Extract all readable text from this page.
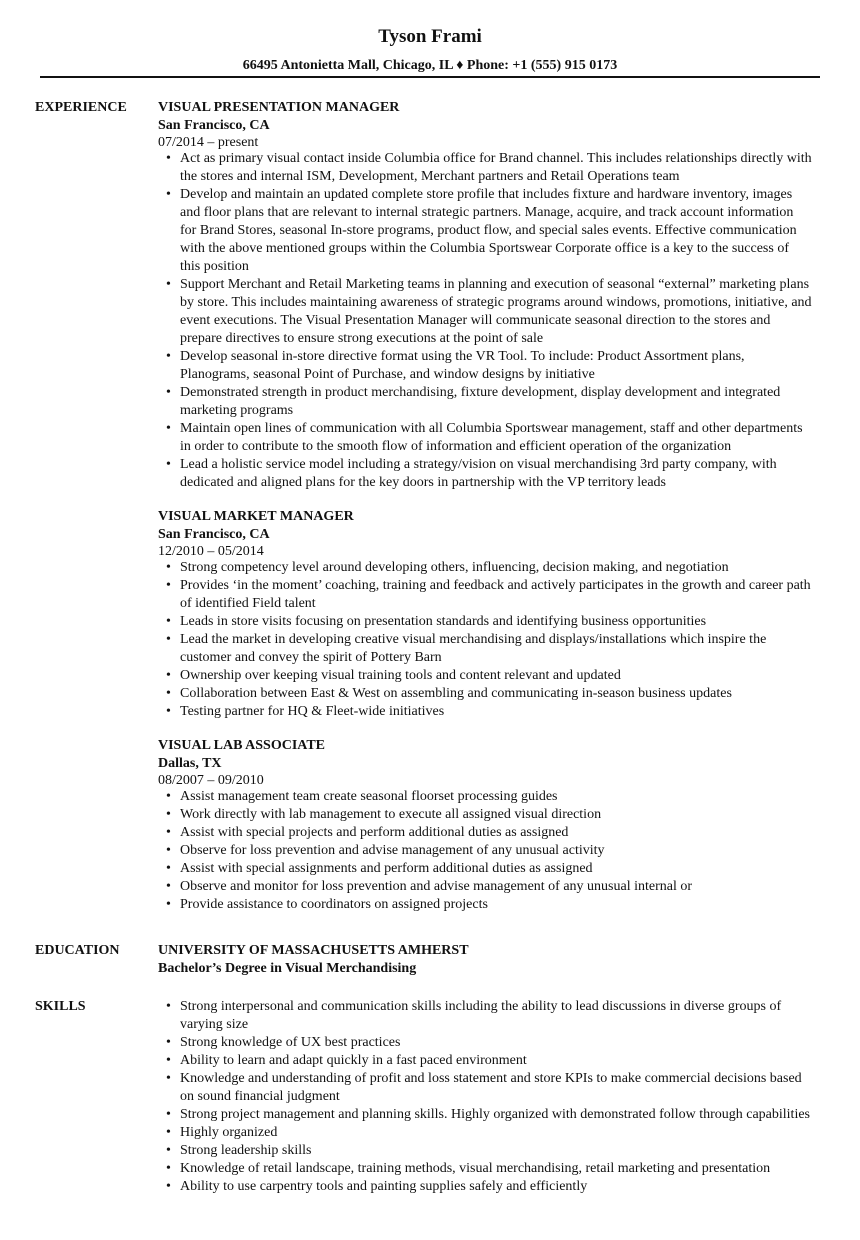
Tyson Frami
66495 Antonietta Mall, Chicago, IL ♦ Phone: +1 (555) 915 0173
EXPERIENCE VISUAL PRESENTATION MANAGER
San Francisco, CA
07/2014 – present
• Act as primary visual contact inside Columbia office for Brand channel. This includes relationships directly with the stores and internal ISM, Development, Merchant partners and Retail Operations team
• Develop and maintain an updated complete store profile that includes fixture and hardware inventory, images and floor plans that are relevant to internal strategic partners. Manage, acquire, and track account information for Brand Stores, seasonal In-store programs, product flow, and special sales events. Effective communication with the above mentioned groups within the Columbia Sportswear Corporate office is a key to the success of this position
• Support Merchant and Retail Marketing teams in planning and execution of seasonal “external” marketing plans by store. This includes maintaining awareness of strategic programs around windows, promotions, initiative, and event executions. The Visual Presentation Manager will communicate seasonal direction to the stores and prepare directives to ensure strong executions at the point of sale
• Develop seasonal in-store directive format using the VR Tool. To include: Product Assortment plans, Planograms, seasonal Point of Purchase, and window designs by initiative
• Demonstrated strength in product merchandising, fixture development, display development and integrated marketing programs
• Maintain open lines of communication with all Columbia Sportswear management, staff and other departments in order to contribute to the smooth flow of information and efficient operation of the organization
• Lead a holistic service model including a strategy/vision on visual merchandising 3rd party company, with dedicated and aligned plans for the key doors in partnership with the VP territory leads
VISUAL MARKET MANAGER
San Francisco, CA
12/2010 – 05/2014
• Strong competency level around developing others, influencing, decision making, and negotiation
• Provides ‘in the moment’ coaching, training and feedback and actively participates in the growth and career path of identified Field talent
• Leads in store visits focusing on presentation standards and identifying business opportunities
• Lead the market in developing creative visual merchandising and displays/installations which inspire the customer and convey the spirit of Pottery Barn
• Ownership over keeping visual training tools and content relevant and updated
• Collaboration between East & West on assembling and communicating in-season business updates
• Testing partner for HQ & Fleet-wide initiatives
VISUAL LAB ASSOCIATE
Dallas, TX
08/2007 – 09/2010
• Assist management team create seasonal floorset processing guides
• Work directly with lab management to execute all assigned visual direction
• Assist with special projects and perform additional duties as assigned
• Observe for loss prevention and advise management of any unusual activity
• Assist with special assignments and perform additional duties as assigned
• Observe and monitor for loss prevention and advise management of any unusual internal or
• Provide assistance to coordinators on assigned projects
EDUCATION	UNIVERSITY OF MASSACHUSETTS AMHERST
Bachelor’s Degree in Visual Merchandising
SKILLS
•	Strong interpersonal and communication skills including the ability to lead discussions in diverse groups of varying size
• Strong knowledge of UX best practices
• Ability to learn and adapt quickly in a fast paced environment
• Knowledge and understanding of profit and loss statement and store KPIs to make commercial decisions based on sound financial judgment
• Strong project management and planning skills. Highly organized with demonstrated follow through capabilities
• Highly organized
• Strong leadership skills
• Knowledge of retail landscape, training methods, visual merchandising, retail marketing and presentation
• Ability to use carpentry tools and painting supplies safely and efficiently
